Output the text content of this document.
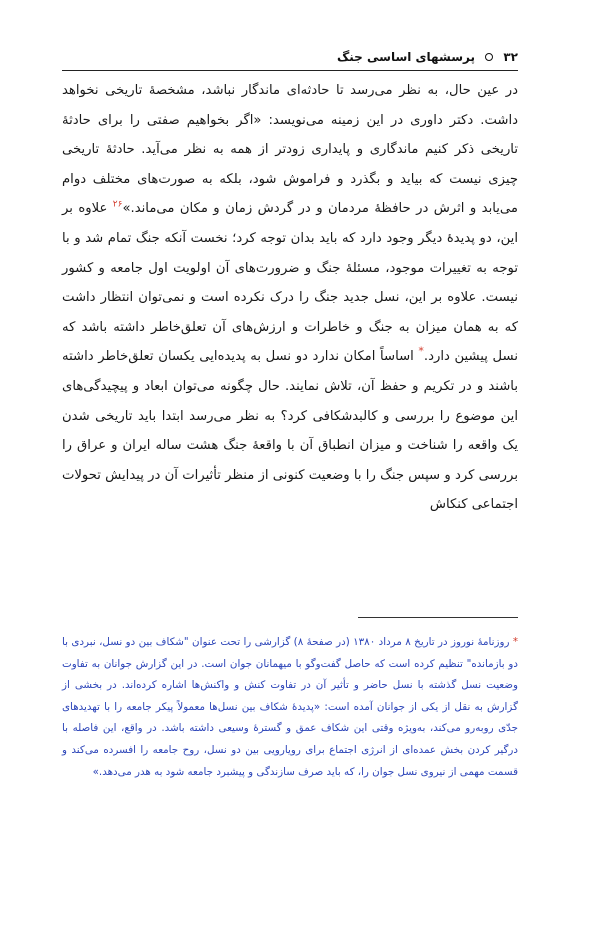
۳۲  پرسشهای اساسی جنگ

در عین حال، به نظر می‌رسد تا حادثه‌ای ماندگار نباشد، مشخصهٔ تاریخی نخواهد داشت. دکتر داوری در این زمینه می‌نویسد: «اگر بخواهیم صفتی را برای حادثهٔ تاریخی ذکر کنیم ماندگاری و پایداری زودتر از همه به نظر می‌آید. حادثهٔ تاریخی چیزی نیست که بیاید و بگذرد و فراموش شود، بلکه به صورت‌های مختلف دوام می‌یابد و اثرش در حافظهٔ مردمان و در گردش زمان و مکان می‌ماند.»$^{۲۶}$ علاوه بر این، دو پدیدهٔ دیگر وجود دارد که باید بدان توجه کرد؛ نخست آنکه جنگ تمام شد و با توجه به تغییرات موجود، مسئلهٔ جنگ و ضرورت‌های آن اولویت اول جامعه و کشور نیست. علاوه بر این، نسل جدید جنگ را درک نکرده است و نمی‌توان انتظار داشت که به همان میزان به جنگ و خاطرات و ارزش‌های آن تعلق‌خاطر داشته باشد که نسل پیشین دارد.* اساساً امکان ندارد دو نسل به پدیده‌ایی یکسان تعلق‌خاطر داشته باشند و در تکریم و حفظ آن، تلاش نمایند. حال چگونه می‌توان ابعاد و پیچیدگی‌های این موضوع را بررسی و کالبدشکافی کرد؟ به نظر می‌رسد ابتدا باید تاریخی شدن یک واقعه را شناخت و میزان انطباق آن با واقعهٔ جنگ هشت ساله ایران و عراق را بررسی کرد و سپس جنگ را با وضعیت کنونی از منظر تأثیرات آن در پیدایش تحولات اجتماعی کنکاش

* روزنامهٔ نوروز در تاریخ ۸ مرداد ۱۳۸۰ (در صفحهٔ ۸) گزارشی را تحت عنوان "شکاف بین دو نسل، نبردی با دو بازمانده" تنظیم کرده است که حاصل گفت‌وگو با میهمانان جوان است. در این گزارش جوانان به تفاوت وضعیت نسل گذشته با نسل حاضر و تأثیر آن در تفاوت کنش و واکنش‌ها اشاره کرده‌اند. در بخشی از گزارش به نقل از یکی از جوانان آمده است: «پدیدهٔ شکاف بین نسل‌ها معمولاً پیکر جامعه را با تهدیدهای جدّی روبه‌رو می‌کند، به‌ویژه وقتی این شکاف عمق و گسترهٔ وسیعی داشته باشد. در واقع، این فاصله با درگیر کردن بخش عمده‌ای از انرژی اجتماع برای رویارویی بین دو نسل، روح جامعه را افسرده می‌کند و قسمت مهمی از نیروی نسل جوان را، که باید صرف سازندگی و پیشبرد جامعه شود به هدر می‌دهد.»
